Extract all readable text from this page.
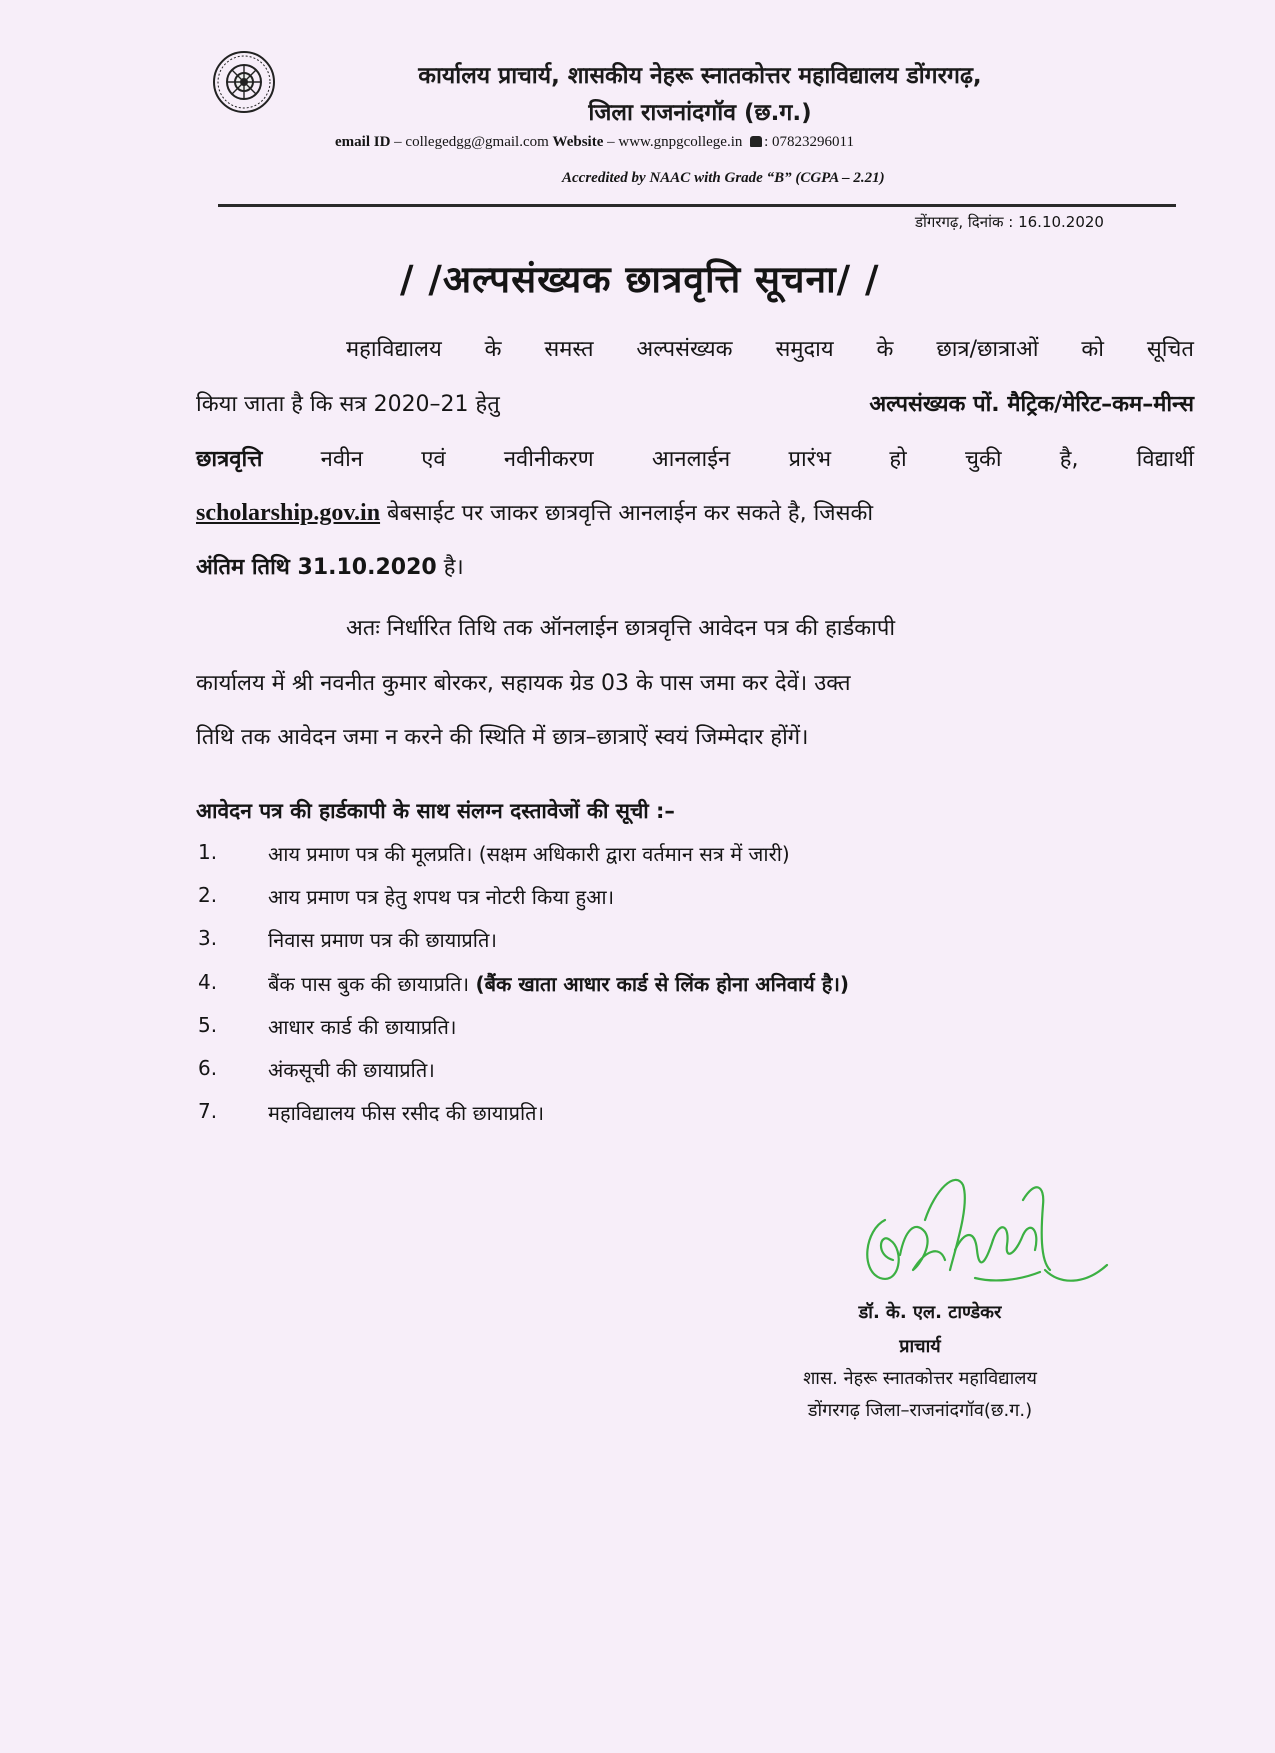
कार्यालय प्राचार्य, शासकीय नेहरू स्नातकोत्तर महाविद्यालय डोंगरगढ़,
जिला राजनांदगॉव (छ.ग.)
email ID – collegedgg@gmail.com Website – www.gnpgcollege.in : 07823296011
Accredited by NAAC with Grade “B” (CGPA – 2.21)
डोंगरगढ़, दिनांक : 16.10.2020
/ /अल्पसंख्यक छात्रवृत्ति सूचना/ /
महाविद्यालय के समस्त अल्पसंख्यक समुदाय के छात्र/छात्राओं को सूचित
किया जाता है कि सत्र 2020–21 हेतु	अल्पसंख्यक पों. मैट्रिक/मेरिट–कम–मीन्स
छात्रवृत्ति	नवीन	एवं	नवीनीकरण	आनलाईन	प्रारंभ	हो	चुकी	है,	विद्यार्थी
scholarship.gov.in बेबसाईट पर जाकर छात्रवृत्ति आनलाईन कर सकते है, जिसकी
अंतिम तिथि 31.10.2020 है।
अतः निर्धारित तिथि तक ऑनलाईन छात्रवृत्ति आवेदन पत्र की हार्डकापी
कार्यालय में श्री नवनीत कुमार बोरकर, सहायक ग्रेड 03 के पास जमा कर देवें। उक्त
तिथि तक आवेदन जमा न करने की स्थिति में छात्र–छात्राऐं स्वयं जिम्मेदार होंगें।
आवेदन पत्र की हार्डकापी के साथ संलग्न दस्तावेजों की सूची :–
1.	आय प्रमाण पत्र की मूलप्रति। (सक्षम अधिकारी द्वारा वर्तमान सत्र में जारी)
2.	आय प्रमाण पत्र हेतु शपथ पत्र नोटरी किया हुआ।
3.	निवास प्रमाण पत्र की छायाप्रति।
4.	बैंक पास बुक की छायाप्रति। (बैंक खाता आधार कार्ड से लिंक होना अनिवार्य है।)
5.	आधार कार्ड की छायाप्रति।
6.	अंकसूची की छायाप्रति।
7.	महाविद्यालय फीस रसीद की छायाप्रति।
डॉ. के. एल. टाण्डेकर
प्राचार्य
शास. नेहरू स्नातकोत्तर महाविद्यालय
डोंगरगढ़ जिला–राजनांदगॉव(छ.ग.)
